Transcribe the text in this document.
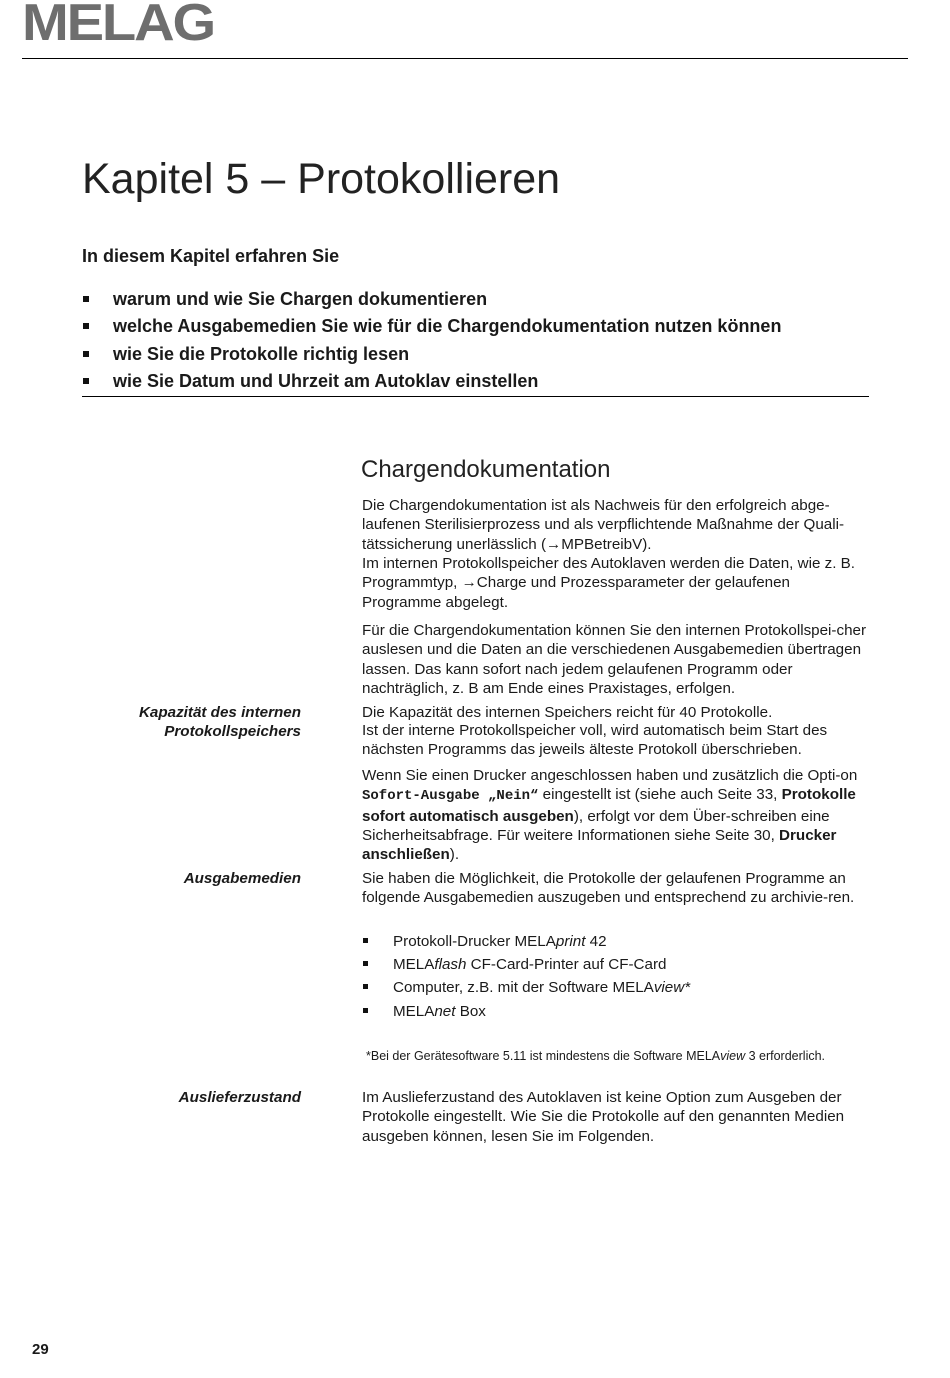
MELAG
Kapitel 5 – Protokollieren
In diesem Kapitel erfahren Sie
warum und wie Sie Chargen dokumentieren
welche Ausgabemedien Sie wie für die Chargendokumentation nutzen können
wie Sie die Protokolle richtig lesen
wie Sie Datum und Uhrzeit am Autoklav einstellen
Chargendokumentation

Die Chargendokumentation ist als Nachweis für den erfolgreich abge-laufenen Sterilisierprozess und als verpflichtende Maßnahme der Quali-tätssicherung unerlässlich (→MPBetreibV).

Im internen Protokollspeicher des Autoklaven werden die Daten, wie z. B. Programmtyp, →Charge und Prozessparameter der gelaufenen Programme abgelegt.

Für die Chargendokumentation können Sie den internen Protokollspei-cher auslesen und die Daten an die verschiedenen Ausgabemedien übertragen lassen. Das kann sofort nach jedem gelaufenen Programm oder nachträglich, z. B am Ende eines Praxistages, erfolgen.

Kapazität des internen
Protokollspeichers

Die Kapazität des internen Speichers reicht für 40 Protokolle.

Ist der interne Protokollspeicher voll, wird automatisch beim Start des nächsten Programms das jeweils älteste Protokoll überschrieben.

Wenn Sie einen Drucker angeschlossen haben und zusätzlich die Opti-on Sofort-Ausgabe „Nein“ eingestellt ist (siehe auch Seite 33, Protokolle sofort automatisch ausgeben), erfolgt vor dem Über-schreiben eine Sicherheitsabfrage. Für weitere Informationen siehe Seite 30, Drucker anschließen).

Ausgabemedien	Sie haben die Möglichkeit, die Protokolle der gelaufenen Programme an folgende Ausgabemedien auszugeben und entsprechend zu archivie-ren.

Protokoll-Drucker MELAprint 42
MELAflash CF-Card-Printer auf CF-Card
Computer, z.B. mit der Software MELAview*
MELAnet Box
*Bei der Gerätesoftware 5.11 ist mindestens die Software MELAview 3 erforderlich.
Auslieferzustand	Im Auslieferzustand des Autoklaven ist keine Option zum Ausgeben der Protokolle eingestellt. Wie Sie die Protokolle auf den genannten Medien ausgeben können, lesen Sie im Folgenden.

29
